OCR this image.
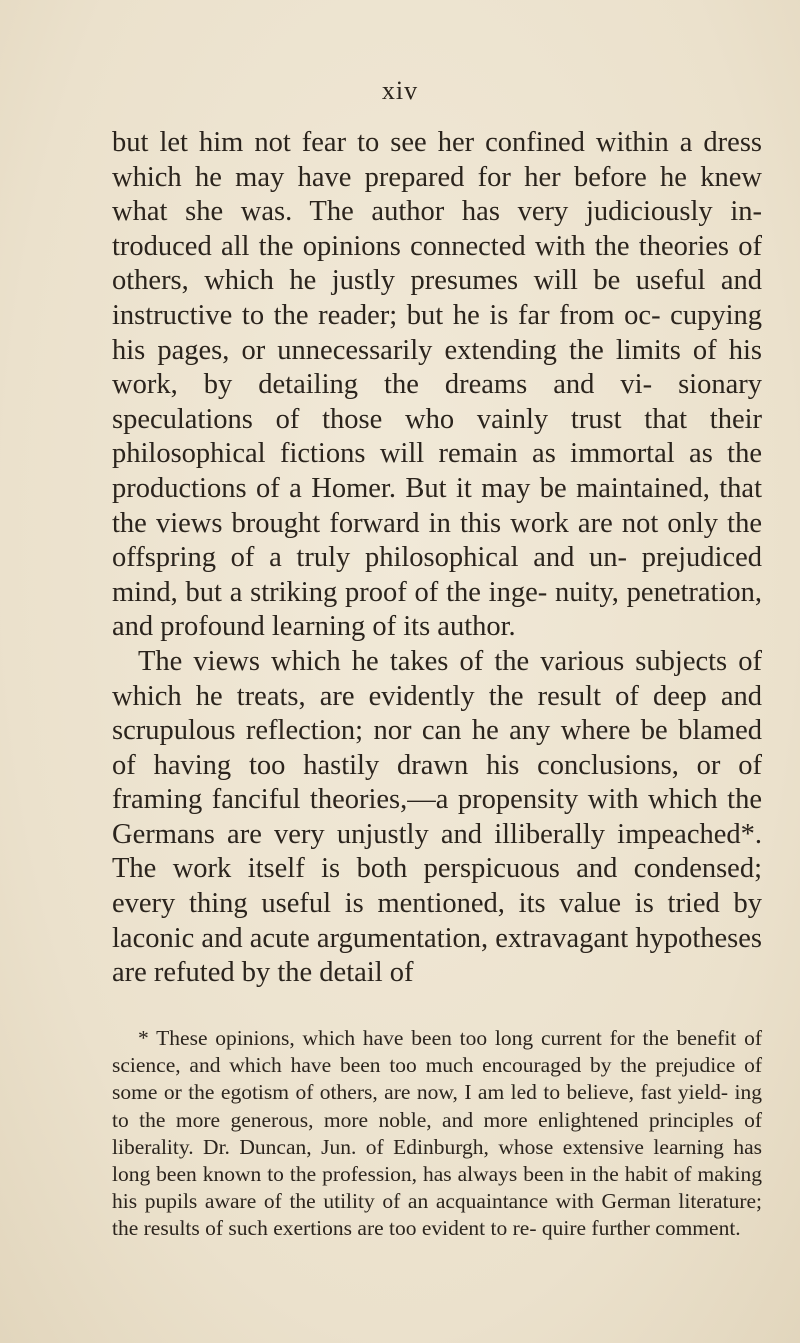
xiv

but let him not fear to see her confined within a dress which he may have prepared for her before he knew what she was. The author has very judiciously in- troduced all the opinions connected with the theories of others, which he justly presumes will be useful and instructive to the reader; but he is far from oc- cupying his pages, or unnecessarily extending the limits of his work, by detailing the dreams and vi- sionary speculations of those who vainly trust that their philosophical fictions will remain as immortal as the productions of a Homer. But it may be maintained, that the views brought forward in this work are not only the offspring of a truly philosophical and un- prejudiced mind, but a striking proof of the inge- nuity, penetration, and profound learning of its author.

The views which he takes of the various subjects of which he treats, are evidently the result of deep and scrupulous reflection; nor can he any where be blamed of having too hastily drawn his conclusions, or of framing fanciful theories,—a propensity with which the Germans are very unjustly and illiberally impeached*. The work itself is both perspicuous and condensed; every thing useful is mentioned, its value is tried by laconic and acute argumentation, extravagant hypotheses are refuted by the detail of

* These opinions, which have been too long current for the benefit of science, and which have been too much encouraged by the prejudice of some or the egotism of others, are now, I am led to believe, fast yield- ing to the more generous, more noble, and more enlightened principles of liberality. Dr. Duncan, Jun. of Edinburgh, whose extensive learning has long been known to the profession, has always been in the habit of making his pupils aware of the utility of an acquaintance with German literature; the results of such exertions are too evident to re- quire further comment.
